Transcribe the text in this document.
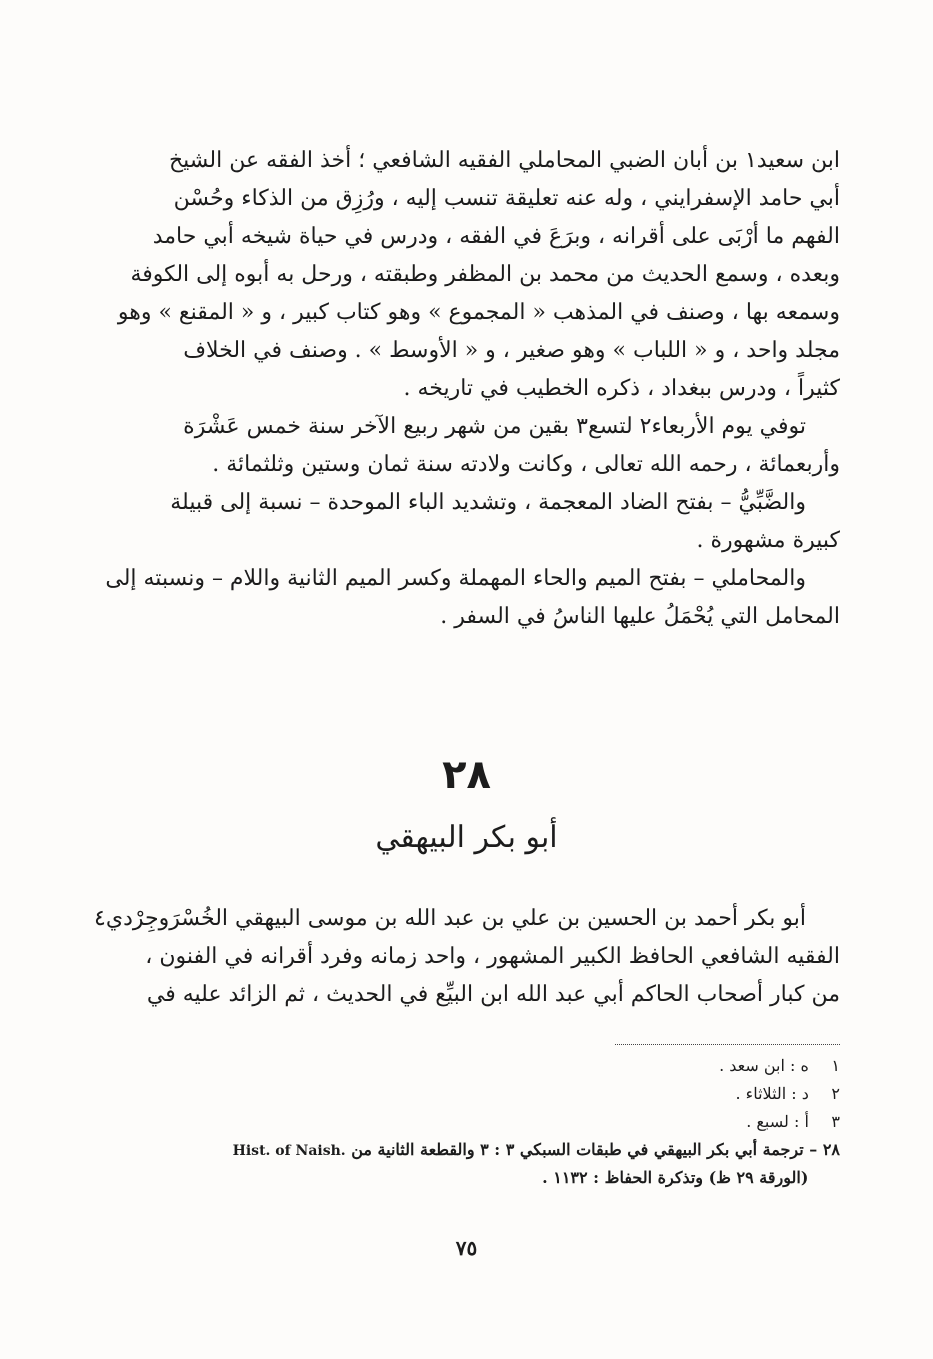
ابن سعيد١ بن أبان الضبي المحاملي الفقيه الشافعي ؛ أخذ الفقه عن الشيخ
أبي حامد الإسفرايني ، وله عنه تعليقة تنسب إليه ، ورُزِق من الذكاء وحُسْن
الفهم ما أرْبَى على أقرانه ، وبرَعَ في الفقه ، ودرس في حياة شيخه أبي حامد
وبعده ، وسمع الحديث من محمد بن المظفر وطبقته ، ورحل به أبوه إلى الكوفة
وسمعه بها ، وصنف في المذهب « المجموع » وهو كتاب كبير ، و « المقنع » وهو
مجلد واحد ، و « اللباب » وهو صغير ، و « الأوسط » . وصنف في الخلاف
كثيراً ، ودرس ببغداد ، ذكره الخطيب في تاريخه .
توفي يوم الأربعاء٢ لتسع٣ بقين من شهر ربيع الآخر سنة خمس عَشْرَة
وأربعمائة ، رحمه الله تعالى ، وكانت ولادته سنة ثمان وستين وثلثمائة .
والضَّبِّيُّ – بفتح الضاد المعجمة ، وتشديد الباء الموحدة – نسبة إلى قبيلة
كبيرة مشهورة .
والمحاملي – بفتح الميم والحاء المهملة وكسر الميم الثانية واللام – ونسبته إلى
المحامل التي يُحْمَلُ عليها الناسُ في السفر .
٢٨
أبو بكر البيهقي
أبو بكر أحمد بن الحسين بن علي بن عبد الله بن موسى البيهقي الخُسْرَوجِرْدي٤
الفقيه الشافعي الحافظ الكبير المشهور ، واحد زمانه وفرد أقرانه في الفنون ،
من كبار أصحاب الحاكم أبي عبد الله ابن البيِّع في الحديث ، ثم الزائد عليه في
١ ه : ابن سعد .
٢ د : الثلاثاء .
٣ أ : لسبع .
٢٨ – ترجمة أبي بكر البيهقي في طبقات السبكي ٣ : ٣ والقطعة الثانية من Hist. of Naish.
(الورقة ٢٩ ظ) وتذكرة الحفاظ : ١١٣٢ .
٧٥
